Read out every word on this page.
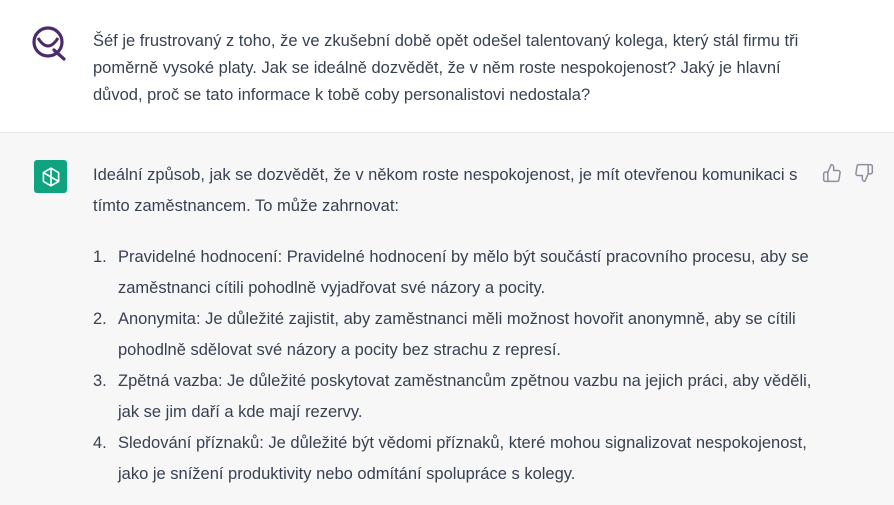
Šéf je frustrovaný z toho, že ve zkušební době opět odešel talentovaný kolega, který stál firmu tři poměrně vysoké platy. Jak se ideálně dozvědět, že v něm roste nespokojenost? Jaký je hlavní důvod, proč se tato informace k tobě coby personalistovi nedostala?

Ideální způsob, jak se dozvědět, že v někom roste nespokojenost, je mít otevřenou komunikaci s tímto zaměstnancem. To může zahrnovat:

1. Pravidelné hodnocení: Pravidelné hodnocení by mělo být součástí pracovního procesu, aby se zaměstnanci cítili pohodlně vyjadřovat své názory a pocity.
2. Anonymita: Je důležité zajistit, aby zaměstnanci měli možnost hovořit anonymně, aby se cítili pohodlně sdělovat své názory a pocity bez strachu z represí.
3. Zpětná vazba: Je důležité poskytovat zaměstnancům zpětnou vazbu na jejich práci, aby věděli, jak se jim daří a kde mají rezervy.
4. Sledování příznaků: Je důležité být vědomi příznaků, které mohou signalizovat nespokojenost, jako je snížení produktivity nebo odmítání spolupráce s kolegy.
